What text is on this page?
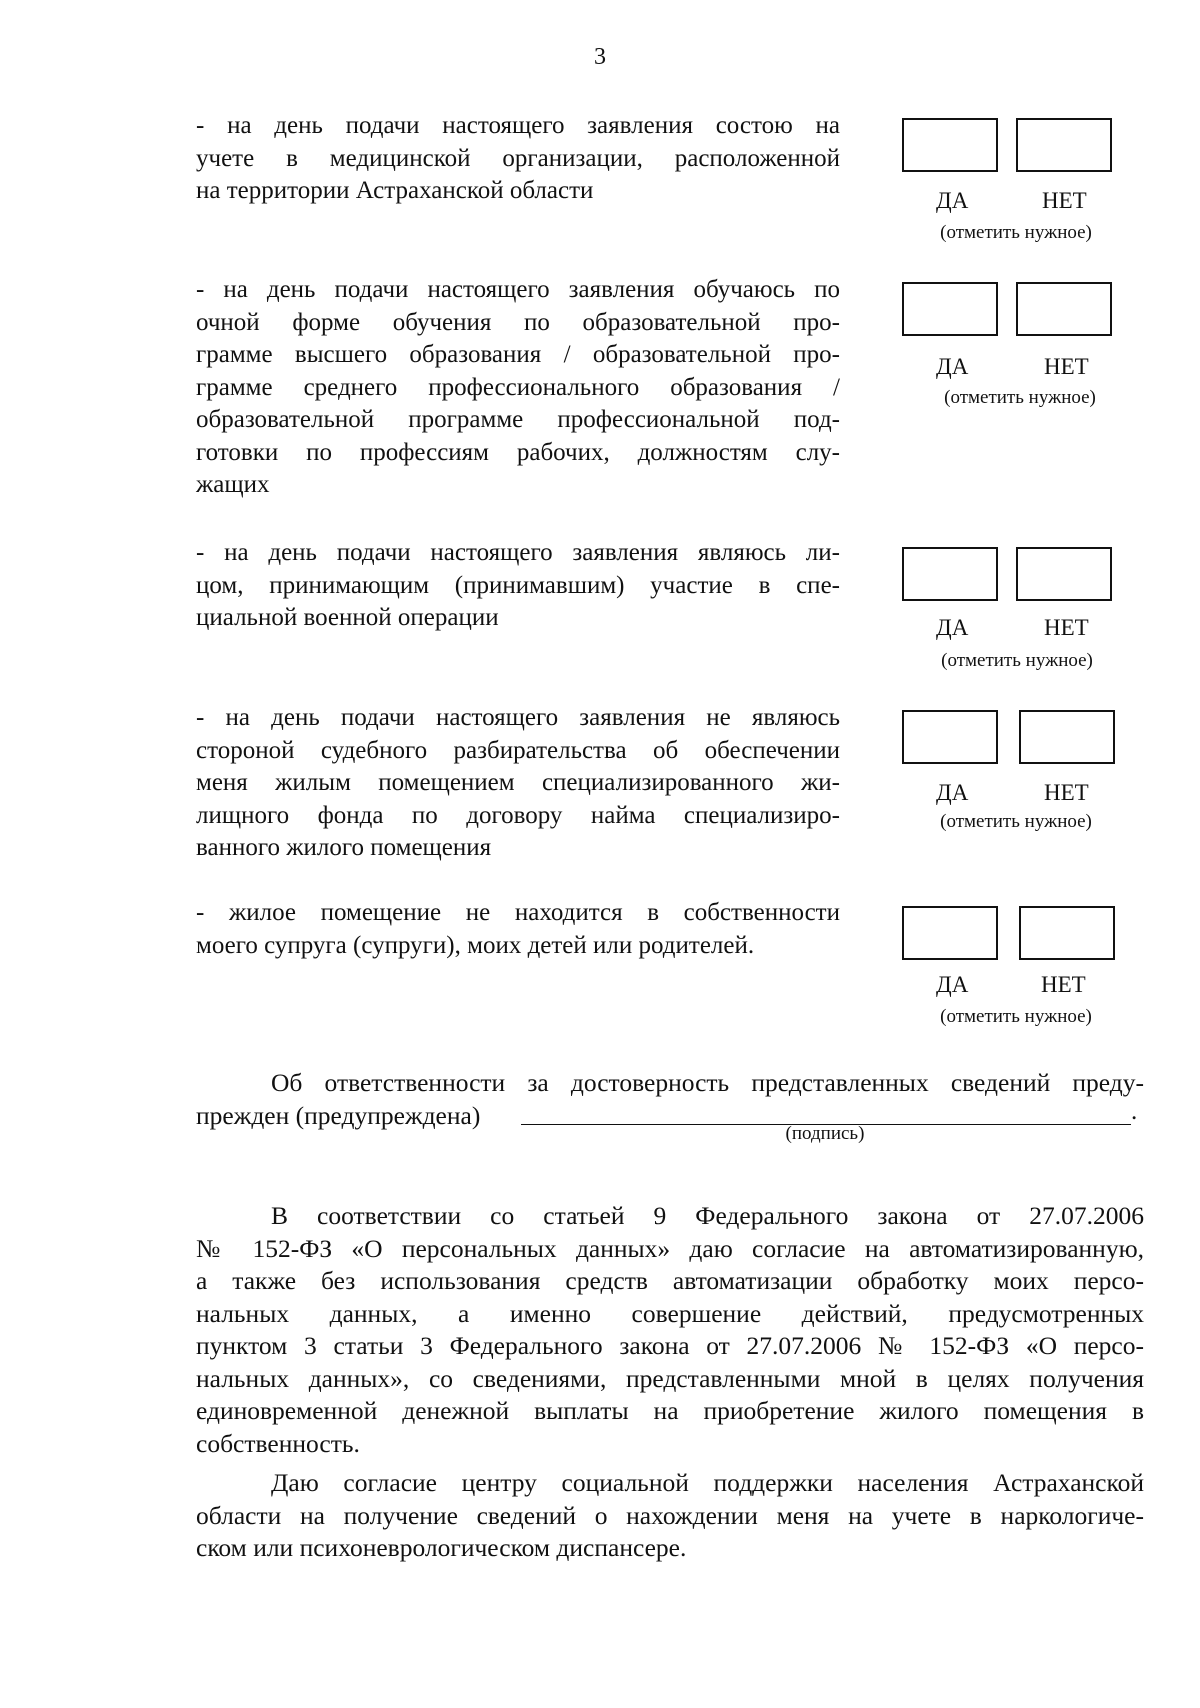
3
- на день подачи настоящего заявления состою на
учете в медицинской организации, расположенной
на территории Астраханской области	ДА	НЕТ
(отметить нужное)
- на день подачи настоящего заявления обучаюсь по
очной форме обучения по образовательной про-
грамме высшего образования / образовательной про-
грамме среднего профессионального образования /
образовательной программе профессиональной под-
готовки по профессиям рабочих, должностям слу-
жащих
ДА	НЕТ
(отметить нужное)
- на день подачи настоящего заявления являюсь ли-
цом, принимающим (принимавшим) участие в спе-
циальной военной операции	ДА	НЕТ
(отметить нужное)
- на день подачи настоящего заявления не являюсь
стороной судебного разбирательства об обеспечении
меня жилым помещением специализированного жи-
лищного фонда по договору найма специализиро-
ванного жилого помещения
ДА	НЕТ
(отметить нужное)
- жилое помещение не находится в собственности
моего супруга (супруги), моих детей или родителей.
ДА	НЕТ
(отметить нужное)
Об ответственности за достоверность представленных сведений преду-
прежден (предупреждена)	.
(подпись)
В соответствии со статьей 9 Федерального закона от 27.07.2006
№ 152-ФЗ «О персональных данных» даю согласие на автоматизированную,
а также без использования средств автоматизации обработку моих персо-
нальных данных, а именно совершение действий, предусмотренных
пунктом 3 статьи 3 Федерального закона от 27.07.2006 № 152-ФЗ «О персо-
нальных данных», со сведениями, представленными мной в целях получения
единовременной денежной выплаты на приобретение жилого помещения в
собственность.
Даю согласие центру социальной поддержки населения Астраханской
области на получение сведений о нахождении меня на учете в наркологиче-
ском или психоневрологическом диспансере.
